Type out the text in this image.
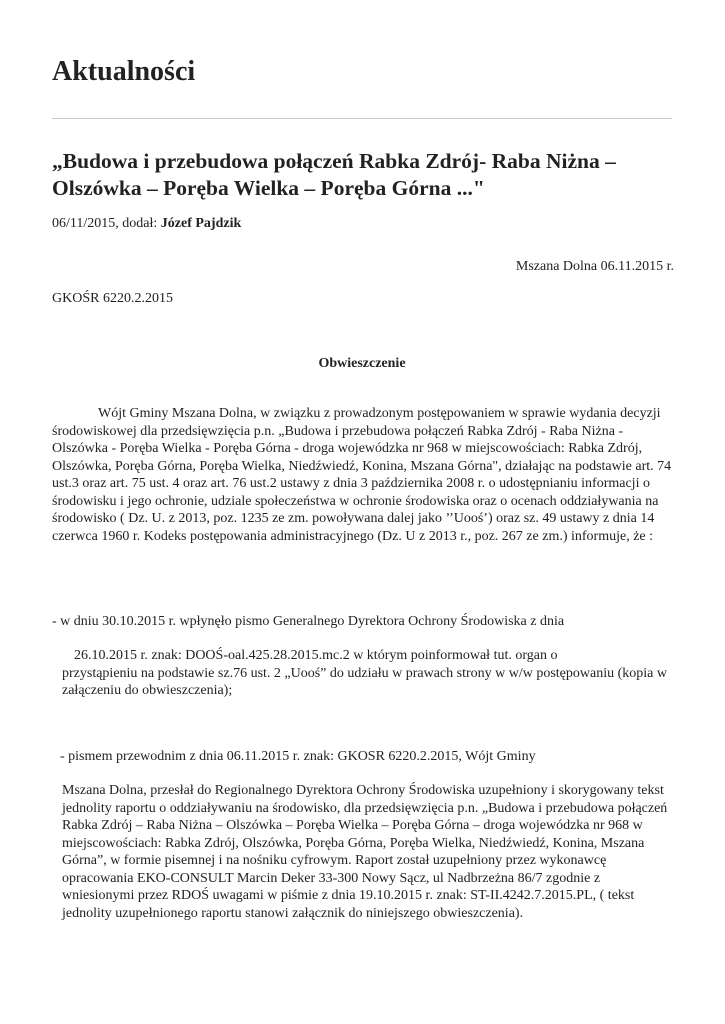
Aktualności
„Budowa i przebudowa połączeń Rabka Zdrój- Raba Niżna – Olszówka – Poręba Wielka – Poręba Górna ..."
06/11/2015, dodał: Józef Pajdzik
Mszana Dolna 06.11.2015 r.
GKOŚR 6220.2.2015
Obwieszczenie

Wójt Gminy Mszana Dolna, w związku z prowadzonym postępowaniem w sprawie wydania decyzji środowiskowej dla przedsięwzięcia p.n. „Budowa i przebudowa połączeń Rabka Zdrój - Raba Niżna - Olszówka - Poręba Wielka - Poręba Górna - droga wojewódzka nr 968 w miejscowościach: Rabka Zdrój, Olszówka, Poręba Górna, Poręba Wielka, Niedźwiedź, Konina, Mszana Górna", działając na podstawie art. 74 ust.3 oraz art. 75 ust. 4 oraz art. 76 ust.2 ustawy z dnia 3 października 2008 r. o udostępnianiu informacji o środowisku i jego ochronie, udziale społeczeństwa w ochronie środowiska oraz o ocenach oddziaływania na środowisko ( Dz. U. z 2013, poz. 1235 ze zm. powoływana dalej jako ’’Uooś’) oraz sz. 49 ustawy z dnia 14 czerwca 1960 r. Kodeks postępowania administracyjnego (Dz. U z 2013 r., poz. 267 ze zm.) informuje, że :

- w dniu 30.10.2015 r. wpłynęło pismo Generalnego Dyrektora Ochrony Środowiska z dnia

26.10.2015 r. znak: DOOŚ-oal.425.28.2015.mc.2 w którym poinformował tut. organ o
przystąpieniu na podstawie sz.76 ust. 2 „Uooś” do udziału w prawach strony w w/w postępowaniu (kopia w załączeniu do obwieszczenia);

- pismem przewodnim z dnia 06.11.2015 r. znak: GKOSR 6220.2.2015, Wójt Gminy

Mszana Dolna, przesłał do Regionalnego Dyrektora Ochrony Środowiska uzupełniony i skorygowany tekst jednolity raportu o oddziaływaniu na środowisko, dla przedsięwzięcia p.n. „Budowa i przebudowa połączeń Rabka Zdrój – Raba Niżna – Olszówka – Poręba Wielka – Poręba Górna – droga wojewódzka nr 968 w miejscowościach: Rabka Zdrój, Olszówka, Poręba Górna, Poręba Wielka, Niedźwiedź, Konina, Mszana Górna”, w formie pisemnej i na nośniku cyfrowym. Raport został uzupełniony przez wykonawcę opracowania EKO-CONSULT Marcin Deker 33-300 Nowy Sącz, ul Nadbrzeżna 86/7 zgodnie z wniesionymi przez RDOŚ uwagami w piśmie z dnia 19.10.2015 r. znak: ST-II.4242.7.2015.PL, ( tekst jednolity uzupełnionego raportu stanowi załącznik do niniejszego obwieszczenia).
